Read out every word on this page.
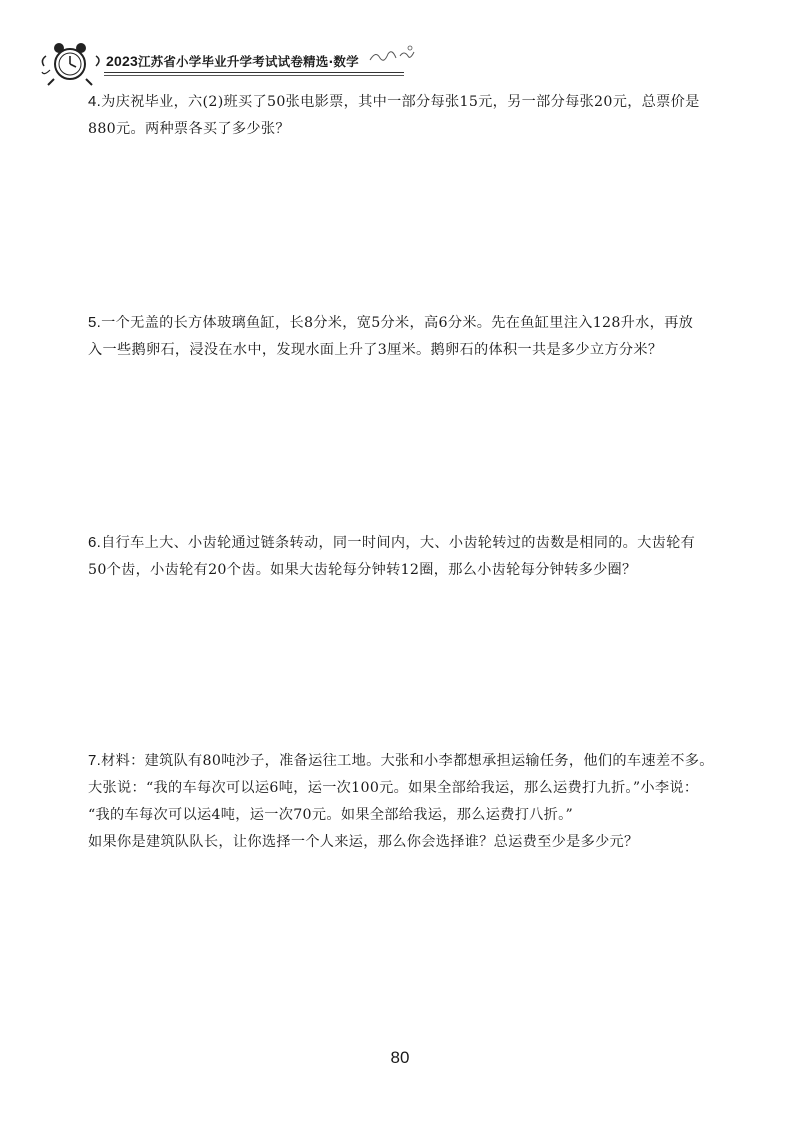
2023江苏省小学毕业升学考试试卷精选·数学

4.为庆祝毕业，六(2)班买了50张电影票，其中一部分每张15元，另一部分每张20元，总票价是

880元。两种票各买了多少张？

5.一个无盖的长方体玻璃鱼缸，长8分米，宽5分米，高6分米。先在鱼缸里注入128升水，再放

入一些鹅卵石，浸没在水中，发现水面上升了3厘米。鹅卵石的体积一共是多少立方分米？

6.自行车上大、小齿轮通过链条转动，同一时间内，大、小齿轮转过的齿数是相同的。大齿轮有

50个齿，小齿轮有20个齿。如果大齿轮每分钟转12圈，那么小齿轮每分钟转多少圈？

7.材料：建筑队有80吨沙子，准备运往工地。大张和小李都想承担运输任务，他们的车速差不多。

大张说：“我的车每次可以运6吨，运一次100元。如果全部给我运，那么运费打九折。”小李说：

“我的车每次可以运4吨，运一次70元。如果全部给我运，那么运费打八折。”

如果你是建筑队队长，让你选择一个人来运，那么你会选择谁？总运费至少是多少元？

80
